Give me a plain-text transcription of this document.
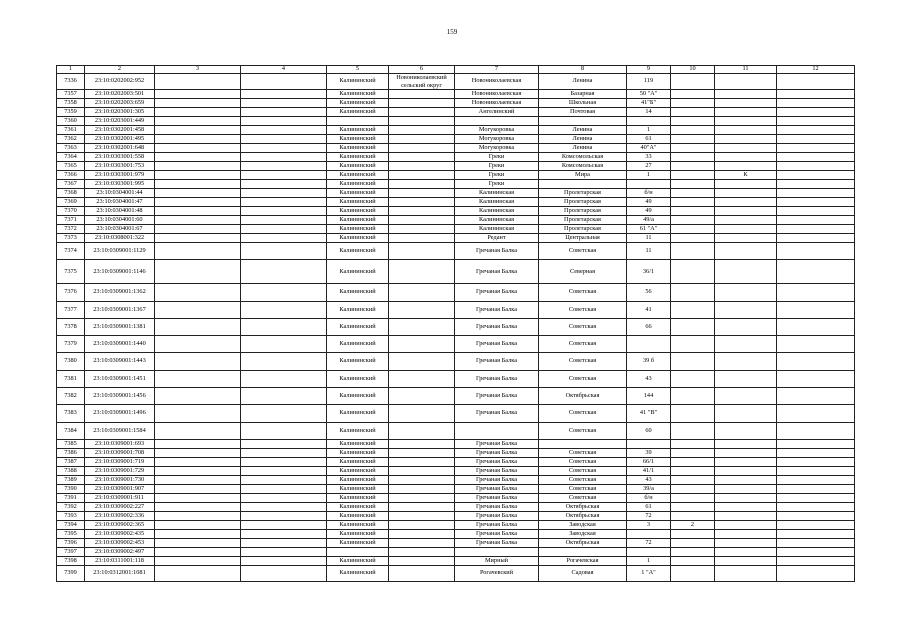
159
1	2	3	4	5	6	7	8	9	10	11	12
7336	23:10:0202002:952			Калининский	Новониколаевский сельский округ	Новониколаевская	Ленина	119			
7357	23:10:0202003:501			Калининский		Новониколаевская	Базарная	50 "А"			
7358	23:10:0202003:659			Калининский		Новониколаевская	Школьная	41"Б"			
7359	23:10:0203001:305			Калининский		Ангелинский	Почтовая	14			
7360	23:10:0203001:449										
7361	23:10:0302001:458			Калининский		Могукоровка	Ленина	1			
7362	23:10:0302001:495			Калининский		Могукоровка	Ленина	61			
7363	23:10:0302001:648			Калининский		Могукоровка	Ленина	40"А"			
7364	23:10:0303001:558			Калининский		Греки	Комсомольская	33			
7365	23:10:0303001:753			Калининский		Греки	Комсомольская	27			
7366	23:10:0303001:979			Калининский		Греки	Мира	1		К	
7367	23:10:0303001:995			Калининский		Греки					
7368	23:10:0304001:44			Калининский		Калининская	Пролетарская	б/н			
7369	23:10:0304001:47			Калининский		Калининская	Пролетарская	49			
7370	23:10:0304001:48			Калининский		Калининская	Пролетарская	49			
7371	23:10:0304001:60			Калининский		Калининская	Пролетарская	49/а			
7372	23:10:0304001:67			Калининский		Калининская	Пролетарская	61 "А"			
7373	23:10:0308001:322			Калининский		Редант	Центральная	11			
7374	23:10:0309001:1129			Калининский		Гречаная Балка	Советская	11			
7375	23:10:0309001:1146			Калининский		Гречаная Балка	Северная	36/1			
7376	23:10:0309001:1362			Калининский		Гречаная Балка	Советская	56			
7377	23:10:0309001:1367			Калининский		Гречаная Балка	Советская	41			
7378	23:10:0309001:1381			Калининский		Гречаная Балка	Советская	66			
7379	23:10:0309001:1440			Калининский		Гречаная Балка	Советская				
7380	23:10:0309001:1443			Калининский		Гречаная Балка	Советская	39 б			
7381	23:10:0309001:1451			Калининский		Гречаная Балка	Советская	43			
7382	23:10:0309001:1456			Калининский		Гречаная Балка	Октябрьская	144			
7383	23:10:0309001:1496			Калининский		Гречаная Балка	Советская	41 "В"			
7384	23:10:0309001:1584			Калининский			Советская	60			
7385	23:10:0309001:693			Калининский		Гречаная Балка					
7386	23:10:0309001:708			Калининский		Гречаная Балка	Советская	39			
7387	23:10:0309001:719			Калининский		Гречаная Балка	Советская	66/1			
7388	23:10:0309001:729			Калининский		Гречаная Балка	Советская	41/1			
7389	23:10:0309001:730			Калининский		Гречаная Балка	Советская	43			
7390	23:10:0309001:907			Калининский		Гречаная Балка	Советская	39/а			
7391	23:10:0309001:911			Калининский		Гречаная Балка	Советская	б/н			
7392	23:10:0309002:227			Калининский		Гречаная Балка	Октябрьская	61			
7393	23:10:0309002:336			Калининский		Гречаная Балка	Октябрьская	72			
7394	23:10:0309002:365			Калининский		Гречаная Балка	Заводская	3	2		
7395	23:10:0309002:435			Калининский		Гречаная Балка	Заводская				
7396	23:10:0309002:453			Калининский		Гречаная Балка	Октябрьская	72			
7397	23:10:0309002:497										
7398	23:10:0311001:118			Калининский		Мирный	Рогачевская	1			
7399	23:10:0312001:1081			Калининский		Рогачевский	Садовая	1 "А"			
